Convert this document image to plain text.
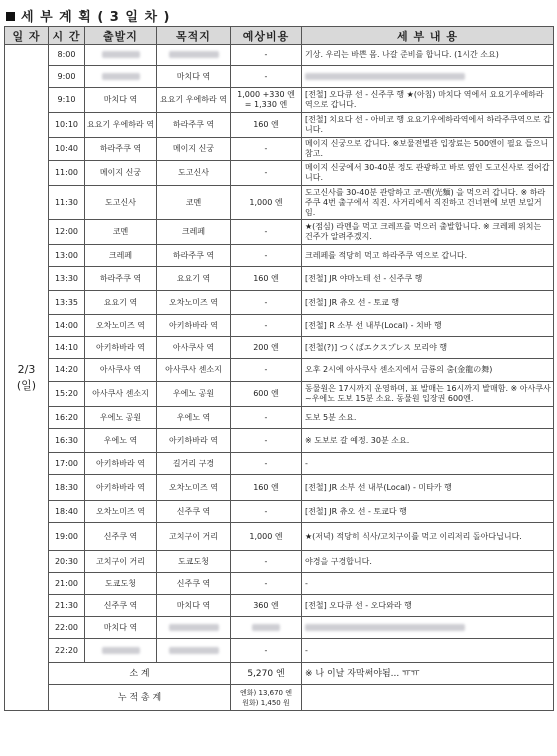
세 부 계 획 ( 3 일 차 )
일 자	시 간	출발지	목적지	예상비용	세 부 내 용

2/3
(일)	8:00			-	기상. 우리는 바쁜 몸. 나갈 준비를 합니다. (1시간 소요)
	9:00		마치다 역	-	
	9:10	마치다 역	요요기 우에하라 역	1,000 +330 엔 = 1,330 엔	[전철] 오다큐 선 - 신주쿠 행 ★(아침) 마치다 역에서 요요기우에하라 역으로 갑니다.
	10:10	요요기 우에하라 역	하라주쿠 역	160 엔	[전철] 치요다 선 - 아비코 행 요요기우에하라역에서 하라주쿠역으로 갑니다.
	10:40	하라주쿠 역	메이지 신궁	-	메이지 신궁으로 갑니다. ※보물전별관 입장료는 500엔이 필요 들으니 참고.
	11:00	메이지 신궁	도고신사	-	메이지 신궁에서 30-40분 정도 관광하고 바로 옆인 도고신사로 걸어갑니다.
	11:30	도고신사	코멘	1,000 엔	도고신사를 30-40분 관람하고 코-멘(光麵) 을 먹으러 갑니다. ※ 하라주쿠 4번 출구에서 직진. 사거리에서 직진하고 건너편에 보면 보일거임.
	12:00	코멘	크레페	-	★(점심) 라멘을 먹고 크레프를 먹으러 출발합니다. ※ 크레페 위치는 건주가 알려주겠지.
	13:00	크레페	하라주쿠 역	-	크레페를 적당히 먹고 하라주쿠 역으로 갑니다.
	13:30	하라주쿠 역	요요기 역	160 엔	[전철] JR 야마노테 선 - 신주쿠 행
	13:35	요요기 역	오차노미즈 역	-	[전철] JR 츄오 선 - 토쿄 행
	14:00	오차노미즈 역	아키하바라 역	-	[전철] R 소부 선 내부(Local) - 치바 행
	14:10	아키하바라 역	아사쿠사 역	200 엔	[전철(?)] つくばエクスプレス 모리야 행
	14:20	아사쿠사 역	아사쿠사 센소지	-	오후 2시에 아사쿠사 센소지에서 금룡의 춤(金龍の舞)
	15:20	아사쿠사 센소지	우에노 공원	600 엔	동물원은 17시까지 운영하며, 표 발매는 16시까지 발매함. ※ 아사쿠사~우에노 도보 15분 소요. 동물원 입장권 600엔.
	16:20	우에노 공원	우에노 역	-	도보 5분 소요.
	16:30	우에노 역	아키하바라 역	-	※ 도보로 갈 예정. 30분 소요.
	17:00	아키하바라 역	길거리 구경	-	-
	18:30	아키하바라 역	오차노미즈 역	160 엔	[전철] JR 소부 선 내부(Local) - 미타카 행
	18:40	오차노미즈 역	신주쿠 역	-	[전철] JR 츄오 선 - 토쿄다 행
	19:00	신주쿠 역	고치구이 거리	1,000 엔	★(저녁) 적당히 식사/고치구이를 먹고 이리저리 돌아다닙니다.
	20:30	고치구이 거리	도쿄도청	-	야경을 구경합니다.
	21:00	도쿄도청	신주쿠 역	-	-
	21:30	신주쿠 역	마치다 역	360 엔	[전철] 오다큐 선 - 오다와라 행
	22:00	마치다 역			
	22:20			-	-
	소 계			5,270 엔	※ 나 이날 자막써야됨... ㅠㅠ
	누 적 총 계			엔화) 13,670 엔
원화) 1,450 원	
